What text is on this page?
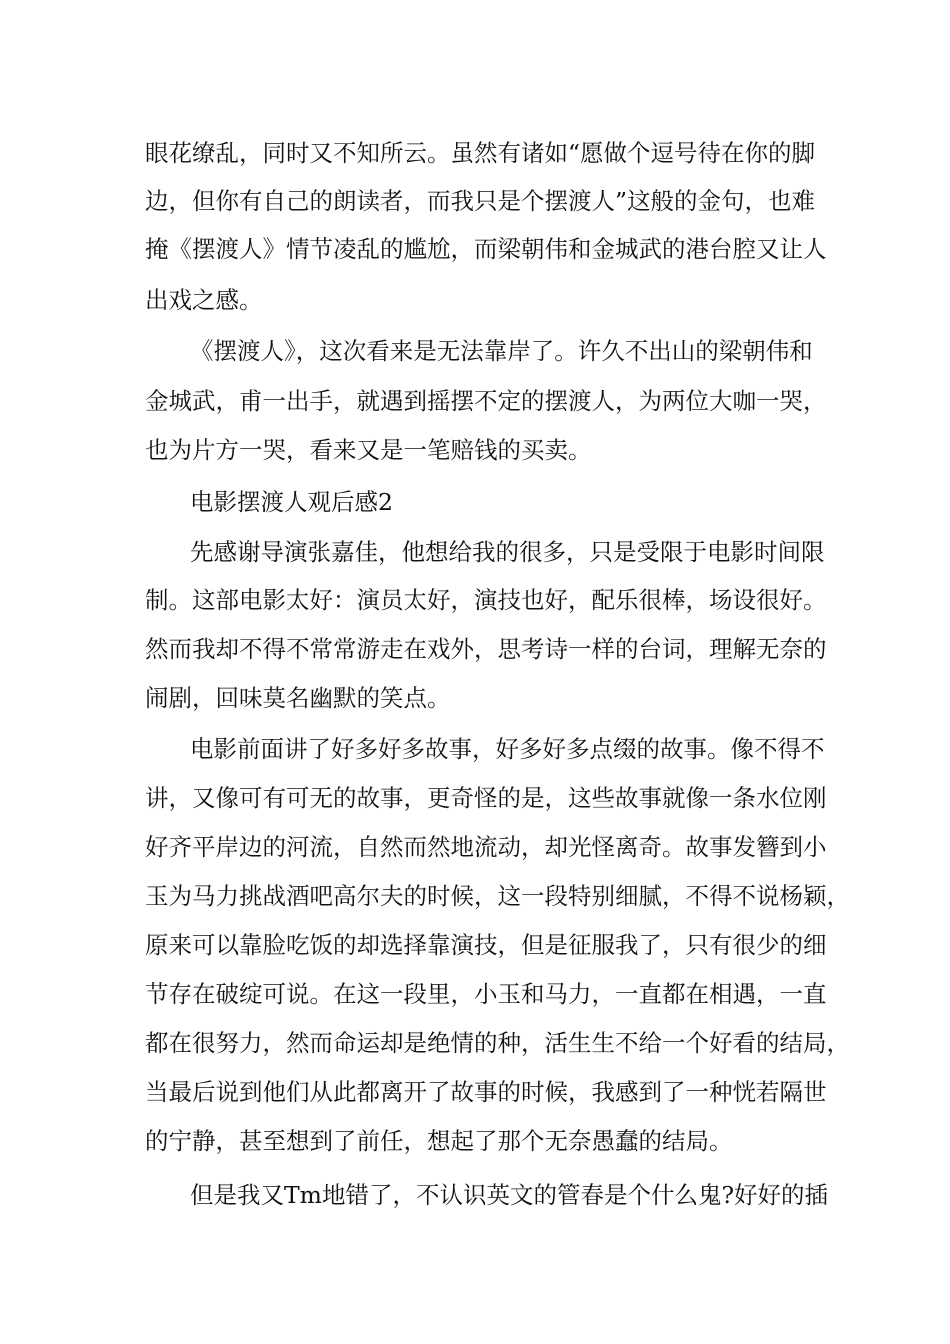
眼花缭乱，同时又不知所云。虽然有诸如“愿做个逗号待在你的脚
边，但你有自己的朗读者，而我只是个摆渡人”这般的金句，也难
掩《摆渡人》情节凌乱的尴尬，而梁朝伟和金城武的港台腔又让人
出戏之感。
《摆渡人》，这次看来是无法靠岸了。许久不出山的梁朝伟和
金城武，甫一出手，就遇到摇摆不定的摆渡人，为两位大咖一哭，
也为片方一哭，看来又是一笔赔钱的买卖。
电影摆渡人观后感2
先感谢导演张嘉佳，他想给我的很多，只是受限于电影时间限
制。这部电影太好：演员太好，演技也好，配乐很棒，场设很好。
然而我却不得不常常游走在戏外，思考诗一样的台词，理解无奈的
闹剧，回味莫名幽默的笑点。
电影前面讲了好多好多故事，好多好多点缀的故事。像不得不
讲，又像可有可无的故事，更奇怪的是，这些故事就像一条水位刚
好齐平岸边的河流，自然而然地流动，却光怪离奇。故事发簪到小
玉为马力挑战酒吧高尔夫的时候，这一段特别细腻，不得不说杨颖，
原来可以靠脸吃饭的却选择靠演技，但是征服我了，只有很少的细
节存在破绽可说。在这一段里，小玉和马力，一直都在相遇，一直
都在很努力，然而命运却是绝情的种，活生生不给一个好看的结局，
当最后说到他们从此都离开了故事的时候，我感到了一种恍若隔世
的宁静，甚至想到了前任，想起了那个无奈愚蠢的结局。
但是我又Tm地错了，不认识英文的管春是个什么鬼?好好的插
